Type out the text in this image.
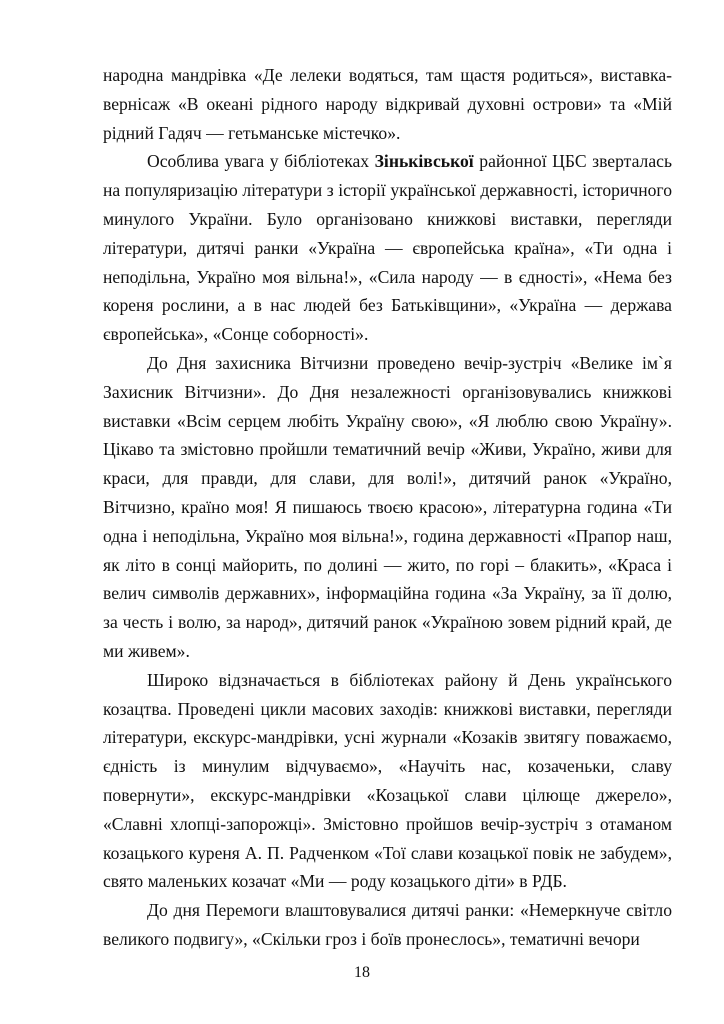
народна мандрівка «Де лелеки водяться, там щастя родиться», виставка-вернісаж «В океані рідного народу відкривай духовні острови» та «Мій рідний Гадяч — гетьманське містечко».

Особлива увага у бібліотеках Зіньківської районної ЦБС зверталась на популяризацію літератури з історії української державності, історичного минулого України. Було організовано книжкові виставки, перегляди літератури, дитячі ранки «Україна — європейська країна», «Ти одна і неподільна, Україно моя вільна!», «Сила народу — в єдності», «Нема без кореня рослини, а в нас людей без Батьківщини», «Україна — держава європейська», «Сонце соборності».

До Дня захисника Вітчизни проведено вечір-зустріч «Велике ім`я Захисник Вітчизни». До Дня незалежності організовувались книжкові виставки «Всім серцем любіть Україну свою», «Я люблю свою Україну». Цікаво та змістовно пройшли тематичний вечір «Живи, Україно, живи для краси, для правди, для слави, для волі!», дитячий ранок «Україно, Вітчизно, країно моя! Я пишаюсь твоєю красою», літературна година «Ти одна і неподільна, Україно моя вільна!», година державності «Прапор наш, як літо в сонці майорить, по долині — жито, по горі – блакить», «Краса і велич символів державних», інформаційна година «За Україну, за її долю, за честь і волю, за народ», дитячий ранок «Україною зовем рідний край, де ми живем».

Широко відзначається в бібліотеках району й День українського козацтва. Проведені цикли масових заходів: книжкові виставки, перегляди літератури, екскурс-мандрівки, усні журнали «Козаків звитягу поважаємо, єдність із минулим відчуваємо», «Научіть нас, козаченьки, славу повернути», екскурс-мандрівки «Козацької слави цілюще джерело», «Славні хлопці-запорожці». Змістовно пройшов вечір-зустріч з отаманом козацького куреня А. П. Радченком «Тої слави козацької повік не забудем», свято маленьких козачат «Ми — роду козацького діти» в РДБ.

До дня Перемоги влаштовувалися дитячі ранки: «Немеркнуче світло великого подвигу», «Скільки гроз і боїв пронеслось», тематичні вечори

18
